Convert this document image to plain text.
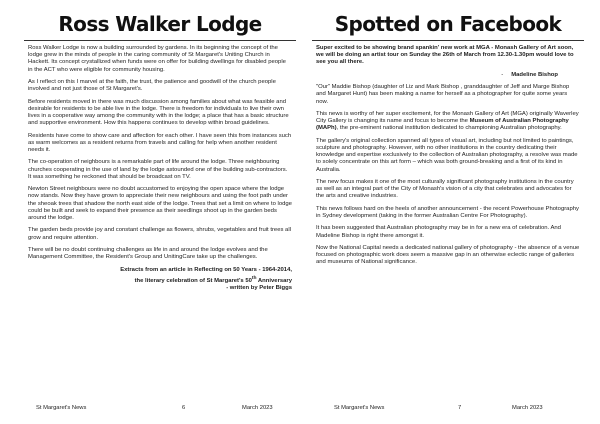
Ross Walker Lodge

Ross Walker Lodge is now a building surrounded by gardens. In its beginning the concept of the lodge grew in the minds of people in the caring community of St Margaret's Uniting Church in Hackett. Its concept crystallized when funds were on offer for building dwellings for disabled people in the ACT who were eligible for community housing.

As I reflect on this I marvel at the faith, the trust, the patience and goodwill of the church people involved and not just those of St Margaret's.

Before residents moved in there was much discussion among families about what was feasible and desirable for residents to be able live in the lodge. There is freedom for individuals to live their own lives in a cooperative way among the community with in the lodge; a place that has a basic structure and supportive environment. How this happens continues to develop within broad guidelines.

Residents have come to show care and affection for each other. I have seen this from instances such as warm welcomes as a resident returns from travels and calling for help when another resident needs it.

The co-operation of neighbours is a remarkable part of life around the lodge. Three neighbouring churches cooperating in the use of land by the lodge astounded one of the building sub-contractors. It was something he reckoned that should be broadcast on TV.

Newton Street neighbours were no doubt accustomed to enjoying the open space where the lodge now stands. Now they have grown to appreciate their new neighbours and using the foot path under the sheoak trees that shadow the north east side of the lodge. Trees that set a limit on where to lodge could be built and seek to expand their presence as their seedlings shoot up in the garden beds around the lodge.

The garden beds provide joy and constant challenge as flowers, shrubs, vegetables and fruit trees all grow and require attention.

There will be no doubt continuing challenges as life in and around the lodge evolves and the Management Committee, the Resident's Group and UnitingCare take up the challenges.

Extracts from an article in Reflecting on 50 Years - 1964-2014,
the literary celebration of St Margaret's 50th Anniversary
- written by Peter Biggs
St Margaret's News	6	March 2023
Spotted on Facebook

Super excited to be showing brand spankin' new work at MGA - Monash Gallery of Art soon, we will be doing an artist tour on Sunday the 26th of March from 12.30-1.30pm would love to see you all there.

- Madeline Bishop

"Our" Maddie Bishop (daughter of Liz and Mark Bishop , granddaughter of Jeff and Marge Bishop and Margaret Hunt) has been making a name for herself as a photographer for quite some years now.

This news is worthy of her super excitement, for the Monash Gallery of Art (MGA) originally Waverley City Gallery is changing its name and focus to become the Museum of Australian Photography (MAPh), the pre-eminent national institution dedicated to championing Australian photography.

The gallery's original collection spanned all types of visual art, including but not limited to paintings, sculpture and photography. However, with no other institutions in the country dedicating their knowledge and expertise exclusively to the collection of Australian photography, a resolve was made to solely concentrate on this art form – which was both ground-breaking and a first of its kind in Australia.

The new focus makes it one of the most culturally significant photography institutions in the country as well as an integral part of the City of Monash's vision of a city that celebrates and advocates for the arts and creative industries.

This news follows hard on the heels of another announcement - the recent Powerhouse Photography in Sydney development (taking in the former Australian Centre For Photography).

It has been suggested that Australian photography may be in for a new era of celebration. And Madeline Bishop is right there amongst it.

Now the National Capital needs a dedicated national gallery of photography - the absence of a venue focused on photographic work does seem a massive gap in an otherwise eclectic range of galleries and museums of National significance.

St Margaret's News	7	March 2023
